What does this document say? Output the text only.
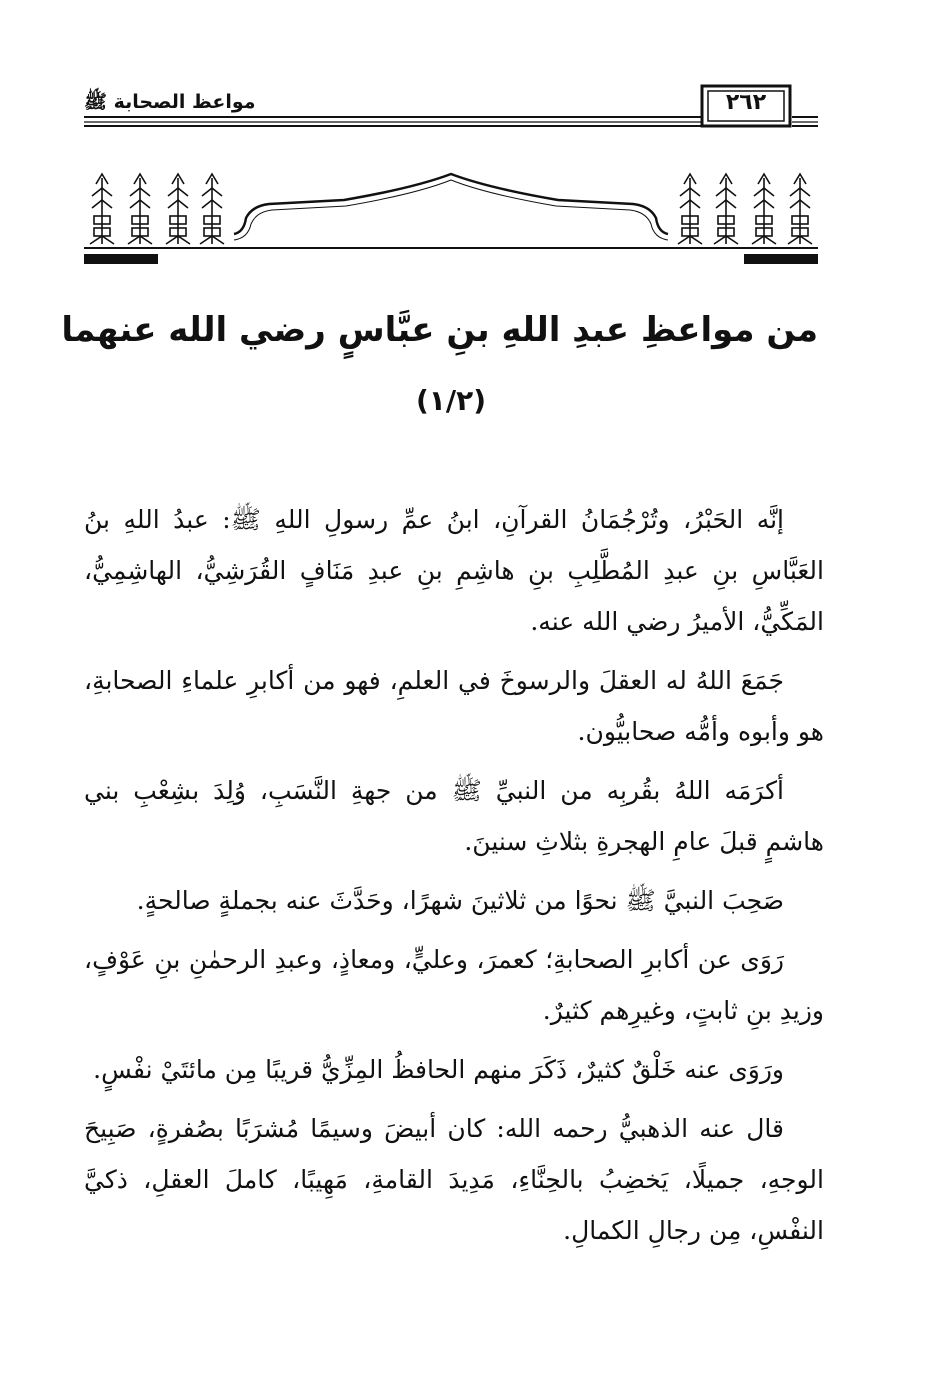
٢٦٢
مواعظ الصحابة ﷺ
من مواعظِ عبدِ اللهِ بنِ عبَّاسٍ رضي الله عنهما
(١/٢)

إنَّه الحَبْرُ، وتُرْجُمَانُ القرآنِ، ابنُ عمِّ رسولِ اللهِ ﷺ: عبدُ اللهِ بنُ العَبَّاسِ بنِ عبدِ المُطَّلِبِ بنِ هاشِمِ بنِ عبدِ مَنَافٍ القُرَشِيُّ، الهاشِمِيُّ، المَكِّيُّ، الأميرُ رضي الله عنه.

جَمَعَ اللهُ له العقلَ والرسوخَ في العلمِ، فهو من أكابرِ علماءِ الصحابةِ، هو وأبوه وأمُّه صحابيُّون.

أكرَمَه اللهُ بقُربِه من النبيِّ ﷺ من جهةِ النَّسَبِ، وُلِدَ بشِعْبِ بني هاشمٍ قبلَ عامِ الهجرةِ بثلاثِ سنينَ.

صَحِبَ النبيَّ ﷺ نحوًا من ثلاثينَ شهرًا، وحَدَّثَ عنه بجملةٍ صالحةٍ.

رَوَى عن أكابرِ الصحابةِ؛ كعمرَ، وعليٍّ، ومعاذٍ، وعبدِ الرحمٰنِ بنِ عَوْفٍ، وزيدِ بنِ ثابتٍ، وغيرِهم كثيرٌ.

ورَوَى عنه خَلْقٌ كثيرٌ، ذَكَرَ منهم الحافظُ المِزِّيُّ قريبًا مِن مائتَيْ نفْسٍ.

قال عنه الذهبيُّ رحمه الله: كان أبيضَ وسيمًا مُشرَبًا بصُفرةٍ، صَبِيحَ الوجهِ، جميلًا، يَخضِبُ بالحِنَّاءِ، مَدِيدَ القامةِ، مَهِيبًا، كاملَ العقلِ، ذكيَّ النفْسِ، مِن رجالِ الكمالِ.
